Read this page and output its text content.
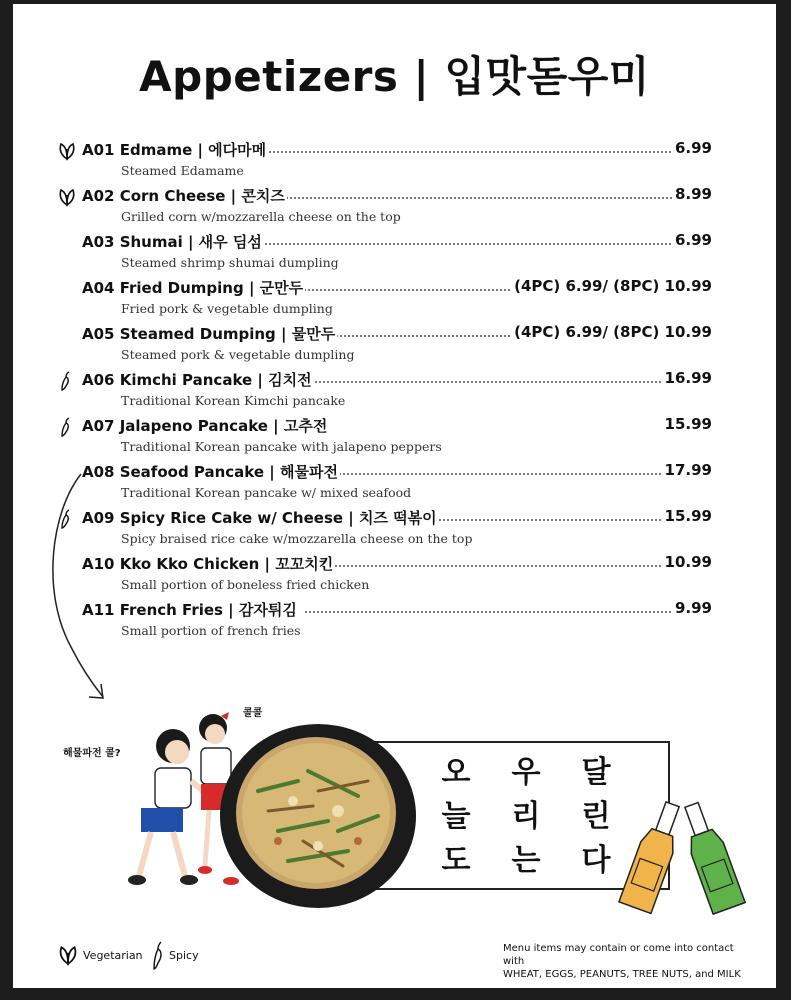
Appetizers | 입맛돋우미
A01 Edmame | 에다마메	6.99
Steamed Edamame
A02 Corn Cheese | 콘치즈	8.99
Grilled corn w/mozzarella cheese on the top
A03 Shumai | 새우 딤섬	6.99
Steamed shrimp shumai dumpling
A04 Fried Dumping | 군만두	(4PC) 6.99/ (8PC) 10.99
Fried pork & vegetable dumpling
A05 Steamed Dumping | 물만두	(4PC) 6.99/ (8PC) 10.99
Steamed pork & vegetable dumpling
A06 Kimchi Pancake | 김치전	16.99
Traditional Korean Kimchi pancake
A07 Jalapeno Pancake | 고추전	15.99
Traditional Korean pancake with jalapeno peppers
A08 Seafood Pancake | 해물파전	17.99
Traditional Korean pancake w/ mixed seafood
A09 Spicy Rice Cake w/ Cheese | 치즈 떡볶이	15.99
Spicy braised rice cake w/mozzarella cheese on the top
A10 Kko Kko Chicken | 꼬꼬치킨	10.99
Small portion of boneless fried chicken
A11 French Fries | 감자튀김	9.99
Small portion of french fries
해물파전 콜?
콜콜
오	우	달
늘	리	린
도	는	다
Vegetarian Spicy
Menu items may contain or come into contact with
WHEAT, EGGS, PEANUTS, TREE NUTS, and MILK
